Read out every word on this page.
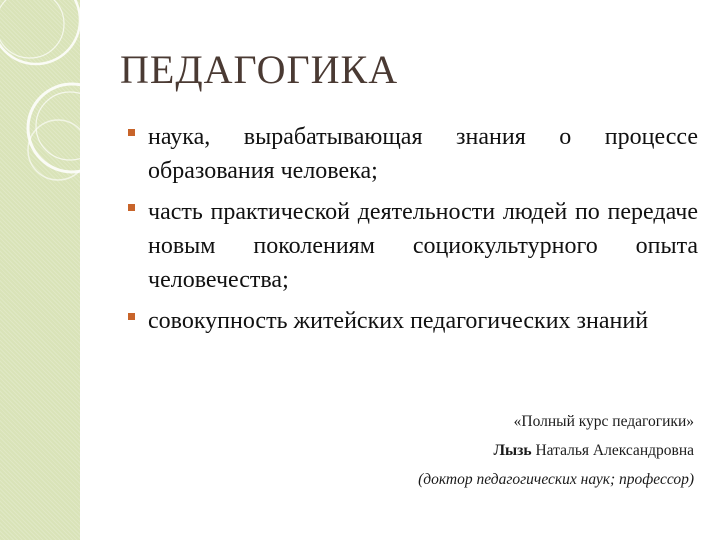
ПЕДАГОГИКА
наука, вырабатывающая знания о процессе образования человека;
часть практической деятельности людей по передаче новым поколениям социокультурного опыта человечества;
совокупность житейских педагогических знаний
«Полный курс педагогики»
Лызь Наталья Александровна
(доктор педагогических наук; профессор)
